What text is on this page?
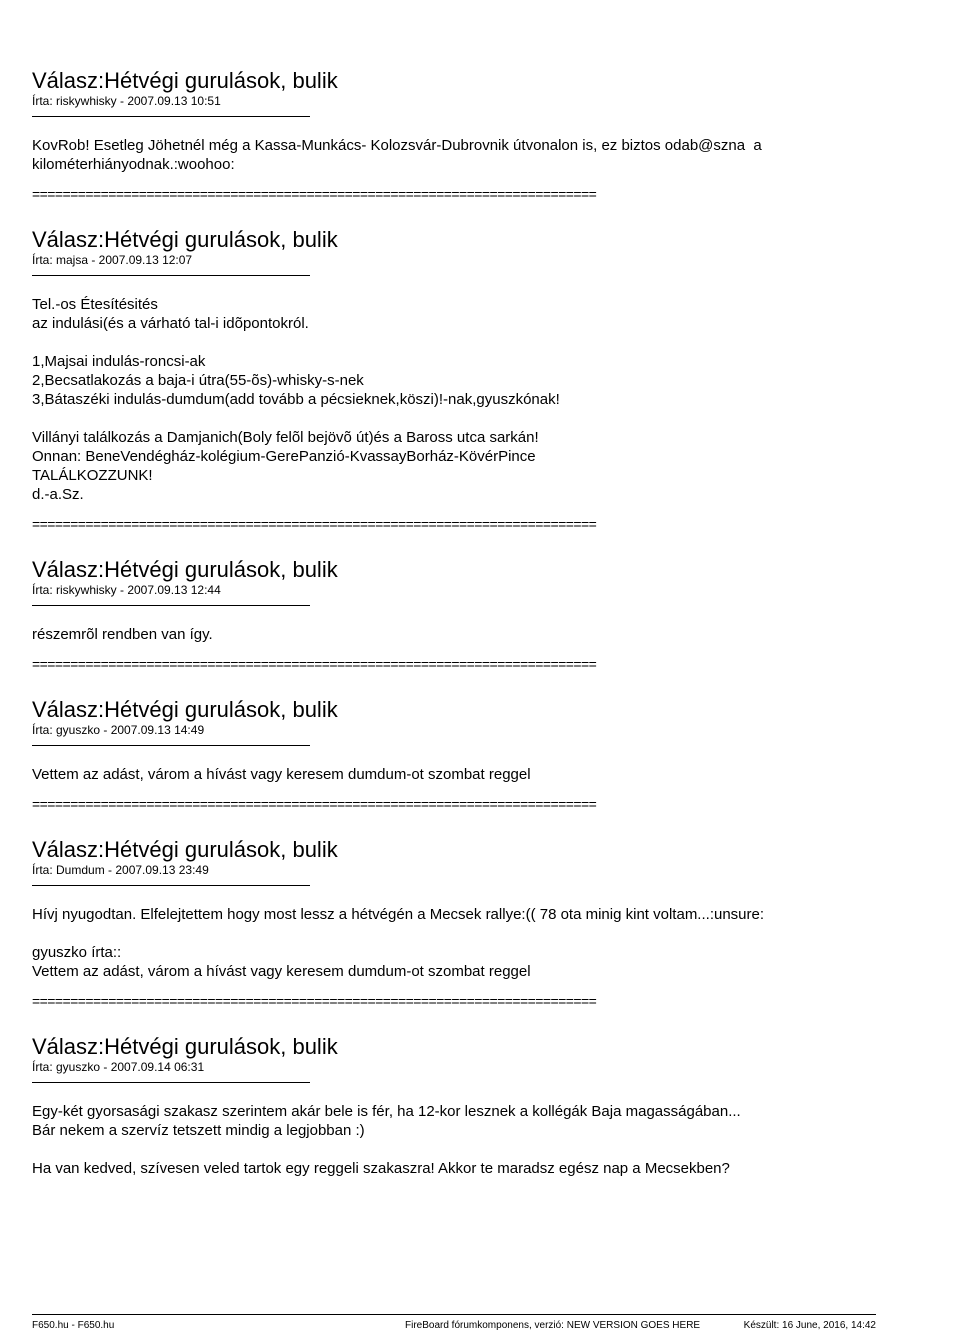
Válasz:Hétvégi gurulások, bulik
Írta: riskywhisky - 2007.09.13 10:51
KovRob! Esetleg Jöhetnél még a Kassa-Munkács- Kolozsvár-Dubrovnik útvonalon is, ez biztos odab@szna  a
kilométerhiányodnak.:woohoo:
==========================================================================
Válasz:Hétvégi gurulások, bulik
Írta: majsa - 2007.09.13 12:07
Tel.-os Étesítésités
az indulási(és a várható tal-i idõpontokról.

1,Majsai indulás-roncsi-ak
2,Becsatlakozás a baja-i útra(55-õs)-whisky-s-nek
3,Bátaszéki indulás-dumdum(add tovább a pécsieknek,köszi)!-nak,gyuszkónak!

Villányi találkozás a Damjanich(Boly felõl bejövõ út)és a Baross utca sarkán!
Onnan: BeneVendégház-kolégium-GerePanzió-KvassayBorház-KövérPince
TALÁLKOZZUNK!
d.-a.Sz.
==========================================================================
Válasz:Hétvégi gurulások, bulik
Írta: riskywhisky - 2007.09.13 12:44
részemrõl rendben van így.
==========================================================================
Válasz:Hétvégi gurulások, bulik
Írta: gyuszko - 2007.09.13 14:49
Vettem az adást, várom a hívást vagy keresem dumdum-ot szombat reggel
==========================================================================
Válasz:Hétvégi gurulások, bulik
Írta: Dumdum - 2007.09.13 23:49
Hívj nyugodtan. Elfelejtettem hogy most lessz a hétvégén a Mecsek rallye:(( 78 ota minig kint voltam...:unsure:

gyuszko írta::
Vettem az adást, várom a hívást vagy keresem dumdum-ot szombat reggel
==========================================================================
Válasz:Hétvégi gurulások, bulik
Írta: gyuszko - 2007.09.14 06:31
Egy-két gyorsasági szakasz szerintem akár bele is fér, ha 12-kor lesznek a kollégák Baja magasságában...
Bár nekem a szervíz tetszett mindig a legjobban :)

Ha van kedved, szívesen veled tartok egy reggeli szakaszra! Akkor te maradsz egész nap a Mecsekben?
F650.hu - F650.hu	FireBoard fórumkomponens, verzió: NEW VERSION GOES HERE	Készült: 16 June, 2016, 14:42
